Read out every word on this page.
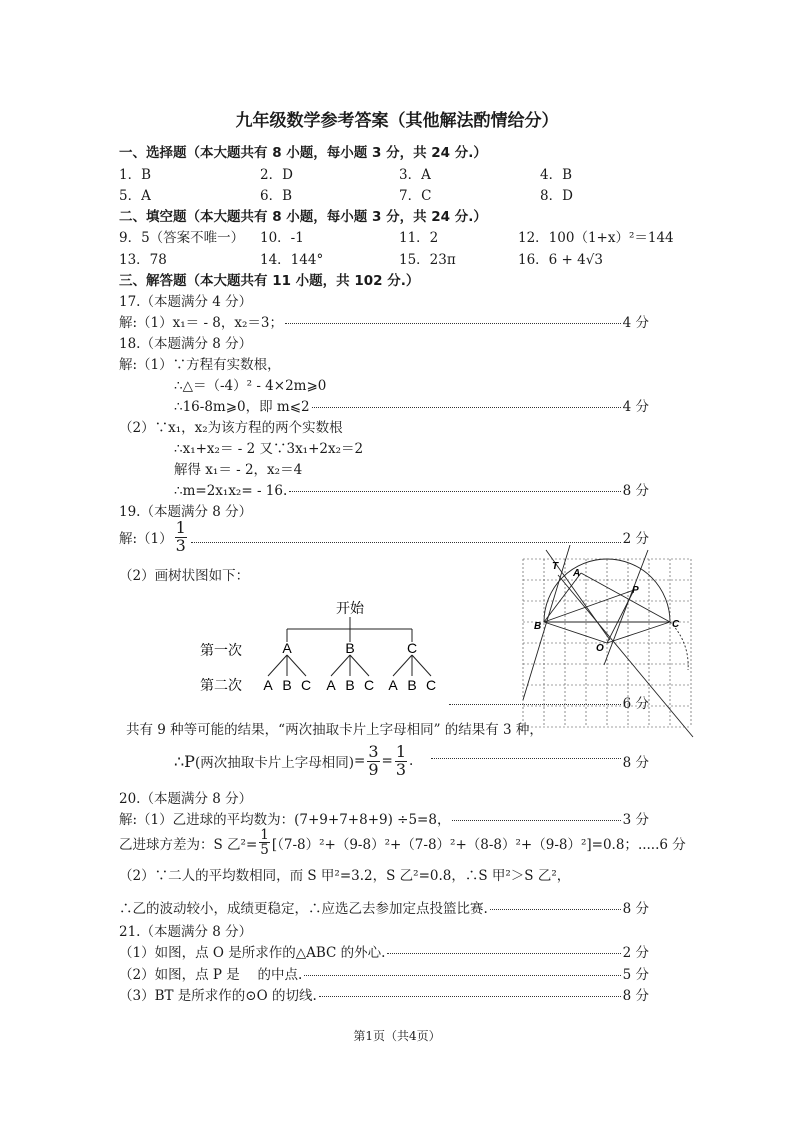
九年级数学参考答案（其他解法酌情给分）
一、选择题（本大题共有 8 小题，每小题 3 分，共 24 分.）
1．B	2．D	3．A	4．B
5．A	6．B	7．C	8．D
二、填空题（本大题共有 8 小题，每小题 3 分，共 24 分.）
9．5（答案不唯一） 10．-1	11．2	12．100（1+x）²＝144
13．78	14．144°	15．23π	16．6 + 4√3
三、解答题（本大题共有 11 小题，共 102 分.）
17.（本题满分 4 分）
解:（1）x₁＝ - 8，x₂＝3；	4 分
18.（本题满分 8 分）
解:（1）∵方程有实数根，
∴△＝（-4）² - 4×2m⩾0
∴16-8m⩾0，即 m⩽2	4 分
（2）∵x₁，x₂为该方程的两个实数根
∴x₁+x₂＝ - 2 又∵3x₁+2x₂＝2
解得 x₁＝ - 2，x₂＝4
∴m=2x₁x₂= - 16.	8 分
19.（本题满分 8 分）
解:（1） $\frac{1}{3}$	2 分
（2）画树状图如下：
开始
第一次
第二次
A	B	C
A B C A B C A B C
T
A
P
B	C
O
6 分
共有 9 种等可能的结果，“两次抽取卡片上字母相同” 的结果有 3 种，
∴P (两次抽取卡片上字母相同) = $\frac{3}{9} = \frac{1}{3}$ .	8 分
20.（本题满分 8 分）
解:（1）乙进球的平均数为：(7+9+7+8+9) ÷5=8，	3 分
乙进球方差为：S 乙$^2= \frac{1}{5} [(7-8)^2+(9-8)^2+(7-8)^2+(8-8)^2+(9-8)^2]=0.8$； .....6 分
（2）∵二人的平均数相同，而 S 甲²=3.2，S 乙²=0.8，∴S 甲²＞S 乙²，
∴乙的波动较小，成绩更稳定，∴应选乙去参加定点投篮比赛.	8 分
21.（本题满分 8 分）
（1）如图，点 O 是所求作的△ABC 的外心.	2 分
（2）如图，点 P 是　 的中点.	5 分
（3）BT 是所求作的⊙O 的切线.	8 分
第1页（共4页）
